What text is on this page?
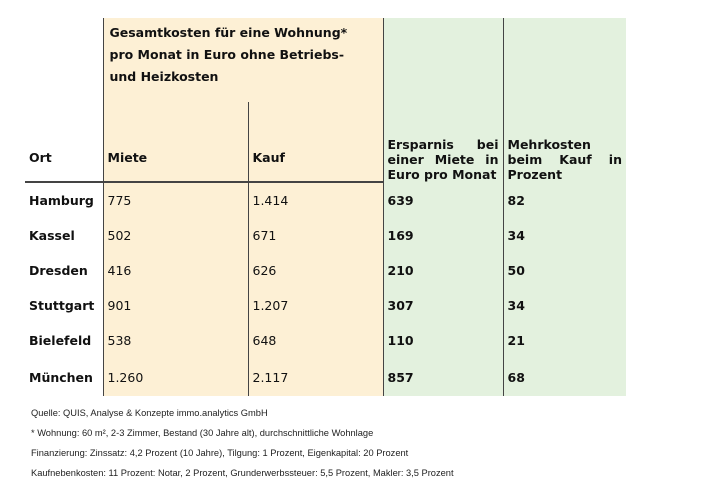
	Gesamtkosten für eine Wohnung* pro Monat in Euro ohne Betriebs- und Heizkosten		Ersparnis bei einer Miete in Euro pro Monat	Mehrkosten beim Kauf in Prozent
Ort	Miete	Kauf		
Hamburg	775	1.414	639	82
Kassel	502	671	169	34
Dresden	416	626	210	50
Stuttgart	901	1.207	307	34
Bielefeld	538	648	110	21
München	1.260	2.117	857	68
Quelle: QUIS, Analyse & Konzepte immo.analytics GmbH
* Wohnung: 60 m², 2-3 Zimmer, Bestand (30 Jahre alt), durchschnittliche Wohnlage
Finanzierung: Zinssatz: 4,2 Prozent (10 Jahre), Tilgung: 1 Prozent, Eigenkapital: 20 Prozent
Kaufnebenkosten: 11 Prozent: Notar, 2 Prozent, Grunderwerbssteuer: 5,5 Prozent, Makler: 3,5 Prozent
